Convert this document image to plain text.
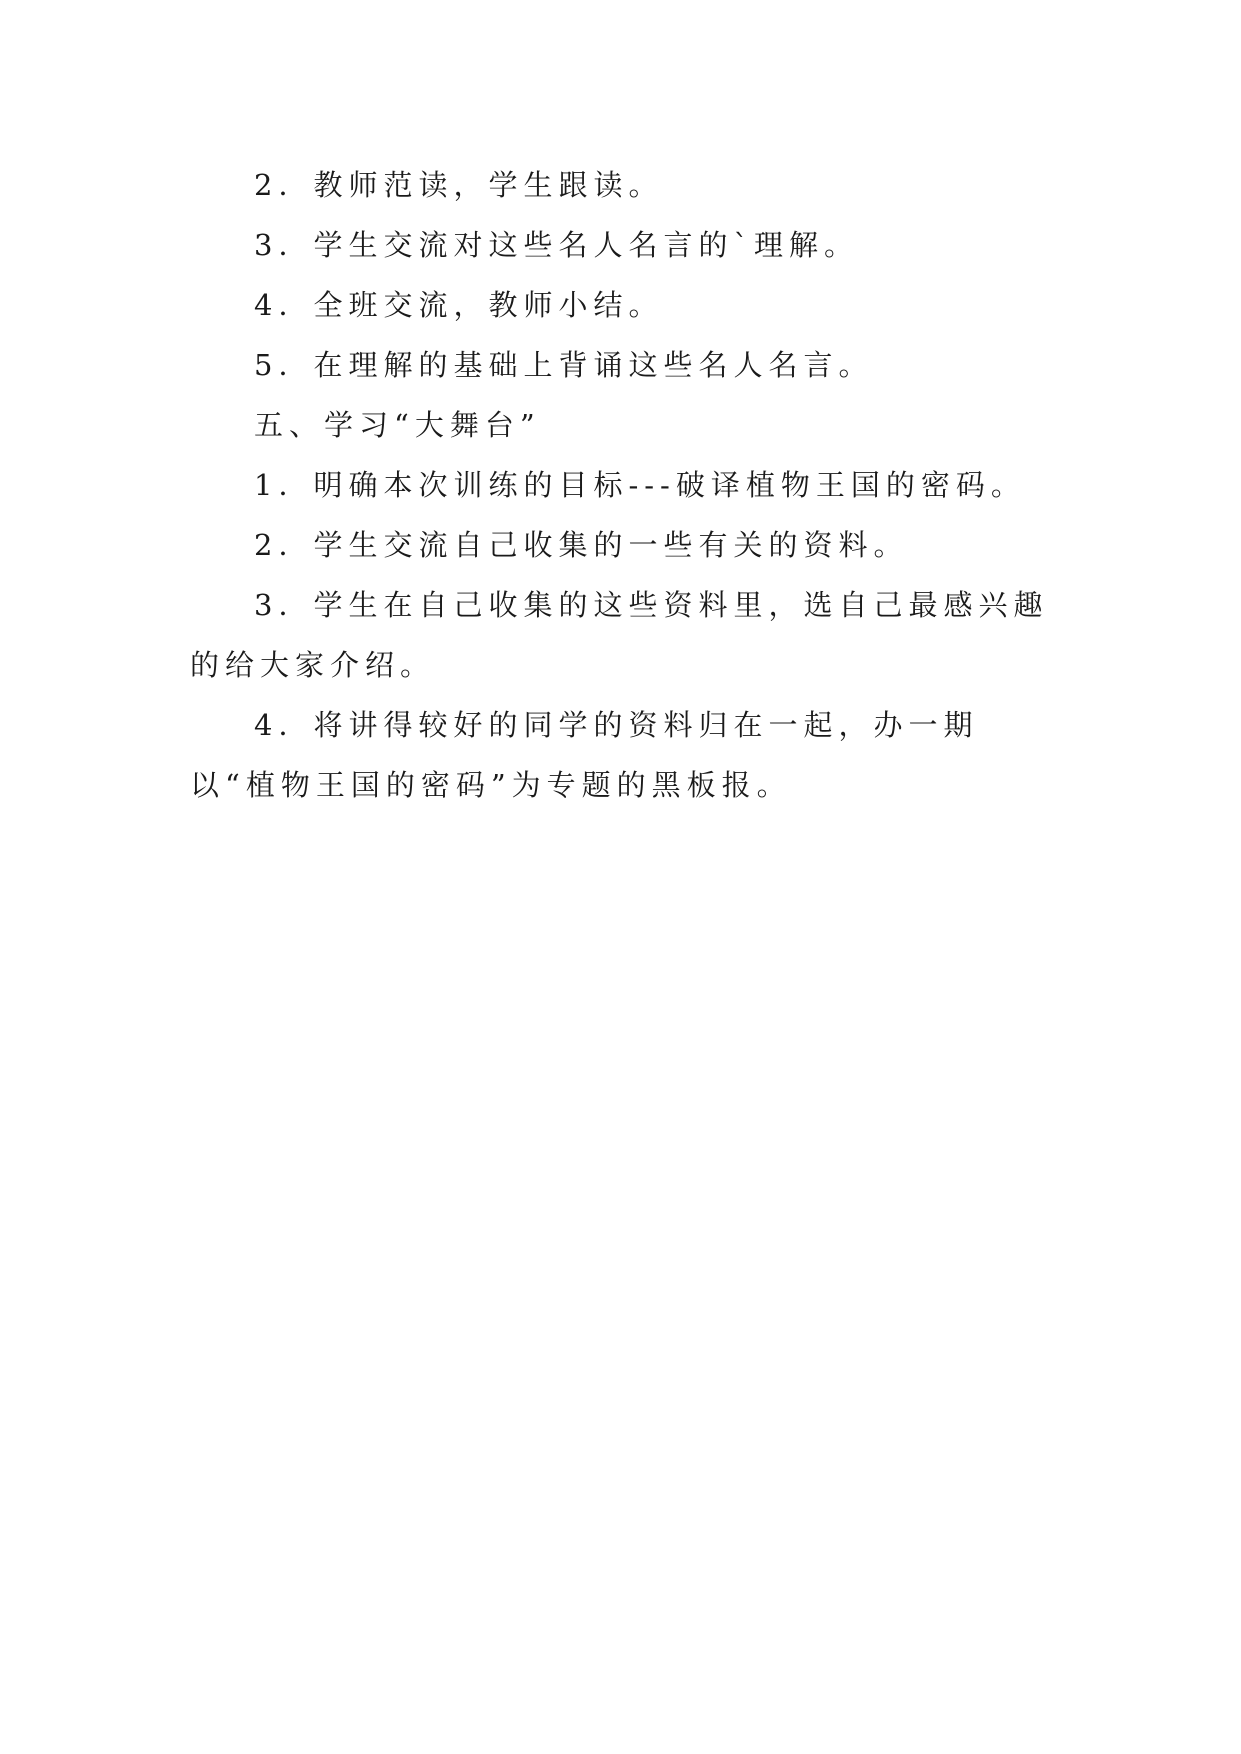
2．教师范读，学生跟读。

3．学生交流对这些名人名言的`理解。

4．全班交流，教师小结。

5．在理解的基础上背诵这些名人名言。

五、学习“大舞台”

1．明确本次训练的目标---破译植物王国的密码。

2．学生交流自己收集的一些有关的资料。

3．学生在自己收集的这些资料里，选自己最感兴趣的给大家介绍。

4．将讲得较好的同学的资料归在一起，办一期以“植物王国的密码”为专题的黑板报。
